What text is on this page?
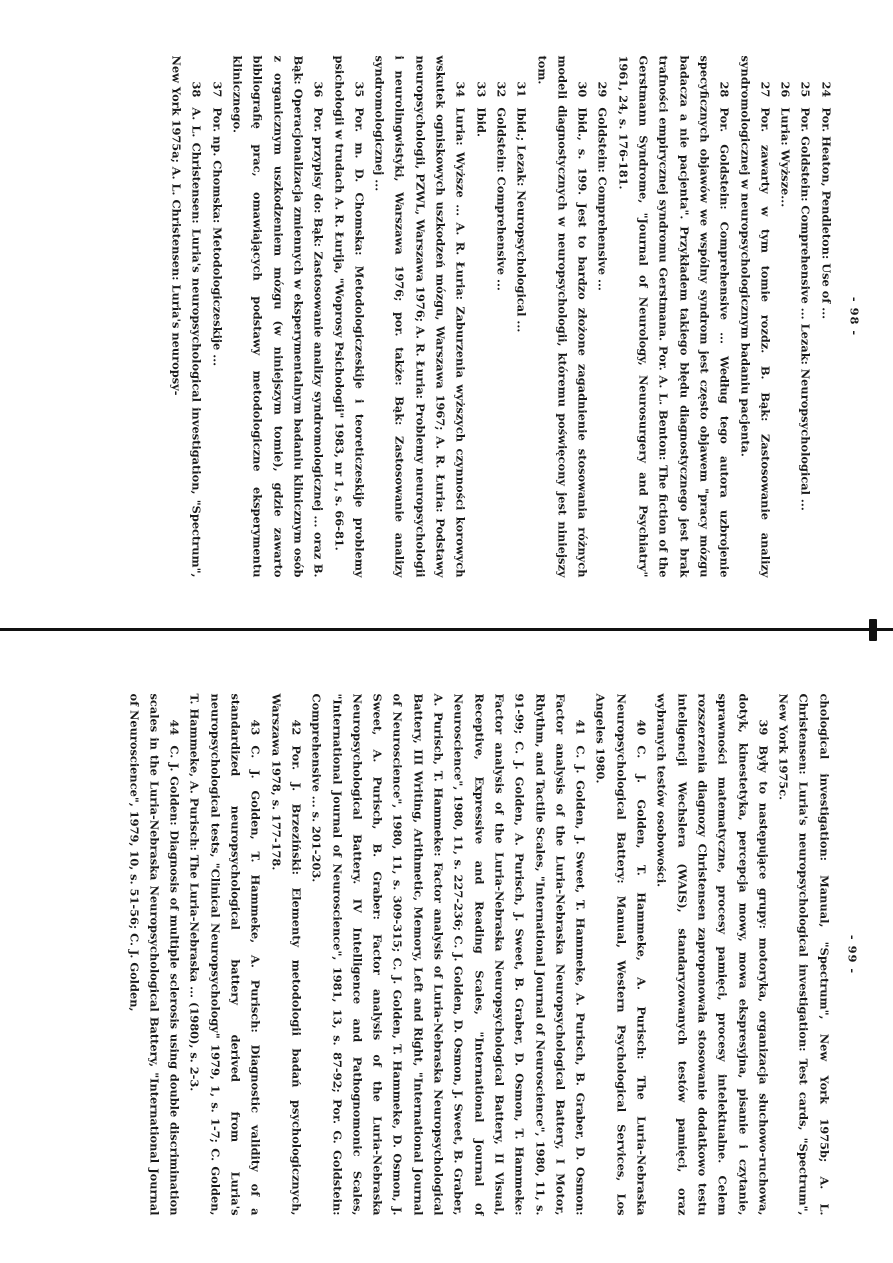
- 98 -

24Por. Heaton, Pendleton: Use of ...

25Por. Goldstein: Comprehensive ... Lezak: Neuropsychological ...

26Luria: Wyższe...

27Por. zawarty w tym tomie rozdz. B. Bąk: Zastosowanie analizy syndromologicznej w neuropsychologicznym badaniu pacjenta.

28Por. Goldstein: Comprehensive ... Według tego autora uzbrojenie specyficznych objawów we wspólny syndrom jest często objawem "pracy mózgu badacza a nie pacjenta". Przykładem takiego błędu diagnostycznego jest brak trafności empirycznej syndromu Gerstmana. Por. A. L. Benton: The fiction of the Gerstmann Syndrome, "Journal of Neurology, Neurosurgery and Psychiatry" 1961, 24, s. 176-181.

29Goldstein: Comprehensive ...

30Ibid., s. 199. Jest to bardzo złożone zagadnienie stosowania różnych modeli diagnostycznych w neuropsychologii, któremu poświęcony jest niniejszy tom.

31Ibid.; Lezak: Neuropsychological ...

32Goldstein: Comprehensive ...

33Ibid.

34Luria: Wyższe ... A. R. Łuria: Zaburzenia wyższych czynności korowych wskutek ogniskowych uszkodzeń mózgu, Warszawa 1967; A. R. Łuria: Podstawy neuropsychologii, PZWL, Warszawa 1976; A. R. Łuria: Problemy neuropsychologii i neurolingwistyki, Warszawa 1976; por. także: Bąk: Zastosowanie analizy syndromologicznej ...

35Por. m. D. Chomska: Metodologiczeskije i teoreticzeskije problemy psichołogii w trudach A. R. Łurija, "Woprosy Psichołogii" 1983, nr 1, s. 66-81.

36Por. przypisy do: Bąk: Zastosowanie analizy syndromologicznej ... oraz B. Bąk: Operacjonalizacja zmiennych w eksperymentalnym badaniu klinicznym osób z organicznym uszkodzeniem mózgu (w niniejszym tomie), gdzie zawarto bibliografię prac, omawiających podstawy metodologiczne eksperymentu klinicznego.

37Por. np. Chomska: Metodologiczeskije ...

38A. L. Christensen: Luria's neuropsychological investigation, "Spectrum", New York 1975a; A. L. Christensen: Luria's neuropsy-

- 99 -

chological investigation: Manual, "Spectrum", New York 1975b; A. L. Christensen: Luria's neuropsychological investigation: Test cards, "Spectrum", New York 1975c.

39Były to następujące grupy: motoryka, organizacja słuchowo-ruchowa, dotyk, kinestetyka, percepcja mowy, mowa ekspresyjna, pisanie i czytanie, sprawności matematyczne, procesy pamięci, procesy intelektualne. Celem rozszerzenia diagnozy Christensen zaproponowała stosowanie dodatkowo testu inteligencji Wechslera (WAIS), standaryzowanych testów pamięci, oraz wybranych testów osobowości.

40C. J. Golden, T. Hammeke, A. Purisch: The Luria-Nebraska Neuropsychological Battery: Manual, Western Psychological Services, Los Angeles 1980.

41C. J. Golden, J. Sweet, T. Hammeke, A. Purisch, B. Graber, D. Osmon: Factor analysis of the Luria-Nebraska Neuropsychological Battery, I Motor, Rhythm, and Tactile Scales, "International Journal of Neuroscience", 1980, 11, s. 91-99; C. J. Golden, A. Purisch, J. Sweet, B. Graber, D. Osmon, T. Hammeke: Factor analysis of the Luria-Nebraska Neuropsychological Battery, II Visual, Receptive, Expressive and Reading Scales, "International Journal of Neuroscience", 1980, 11, s. 227-236; C. J. Golden, D. Osmon, J. Sweet, B. Graber, A. Purisch, T. Hammeke: Factor analysis of Luria-Nebraska Neuropsychological Battery, III Writing, Arithmetic, Memory, Left and Right, "International Journal of Neuroscience", 1980, 11, s. 309-315; C. J. Golden, T. Hammeke, D. Osmon, J. Sweet, A. Purisch, B. Graber: Factor analysis of the Luria-Nebraska Neuropsychological Battery. IV Intelligence and Pathognomonic Scales, "International Journal of Neuroscience", 1981, 13, s. 87-92; Por. G. Goldstein: Comprehensive ... s. 201-203.

42Por. J. Brzeziński: Elementy metodologii badań psychologicznych, Warszawa 1978, s. 177-178.

43C. J. Golden, T. Hammeke, A. Purisch: Diagnostic validity of a standardized neuropsychological battery derived from Luria's neuropsychological tests, "Clinical Neuropsychology" 1979, 1, s. 1-7; C. Golden, T. Hammeke, A. Purisch: The Luria-Nebraska ... (1980), s. 2-3.

44C. J. Golden: Diagnosis of multiple sclerosis using double discrimination scales in the Luria-Nebraska Neuropsychological Battery, "International Journal of Neuroscience", 1979, 10, s. 51-56; C. J. Golden,
